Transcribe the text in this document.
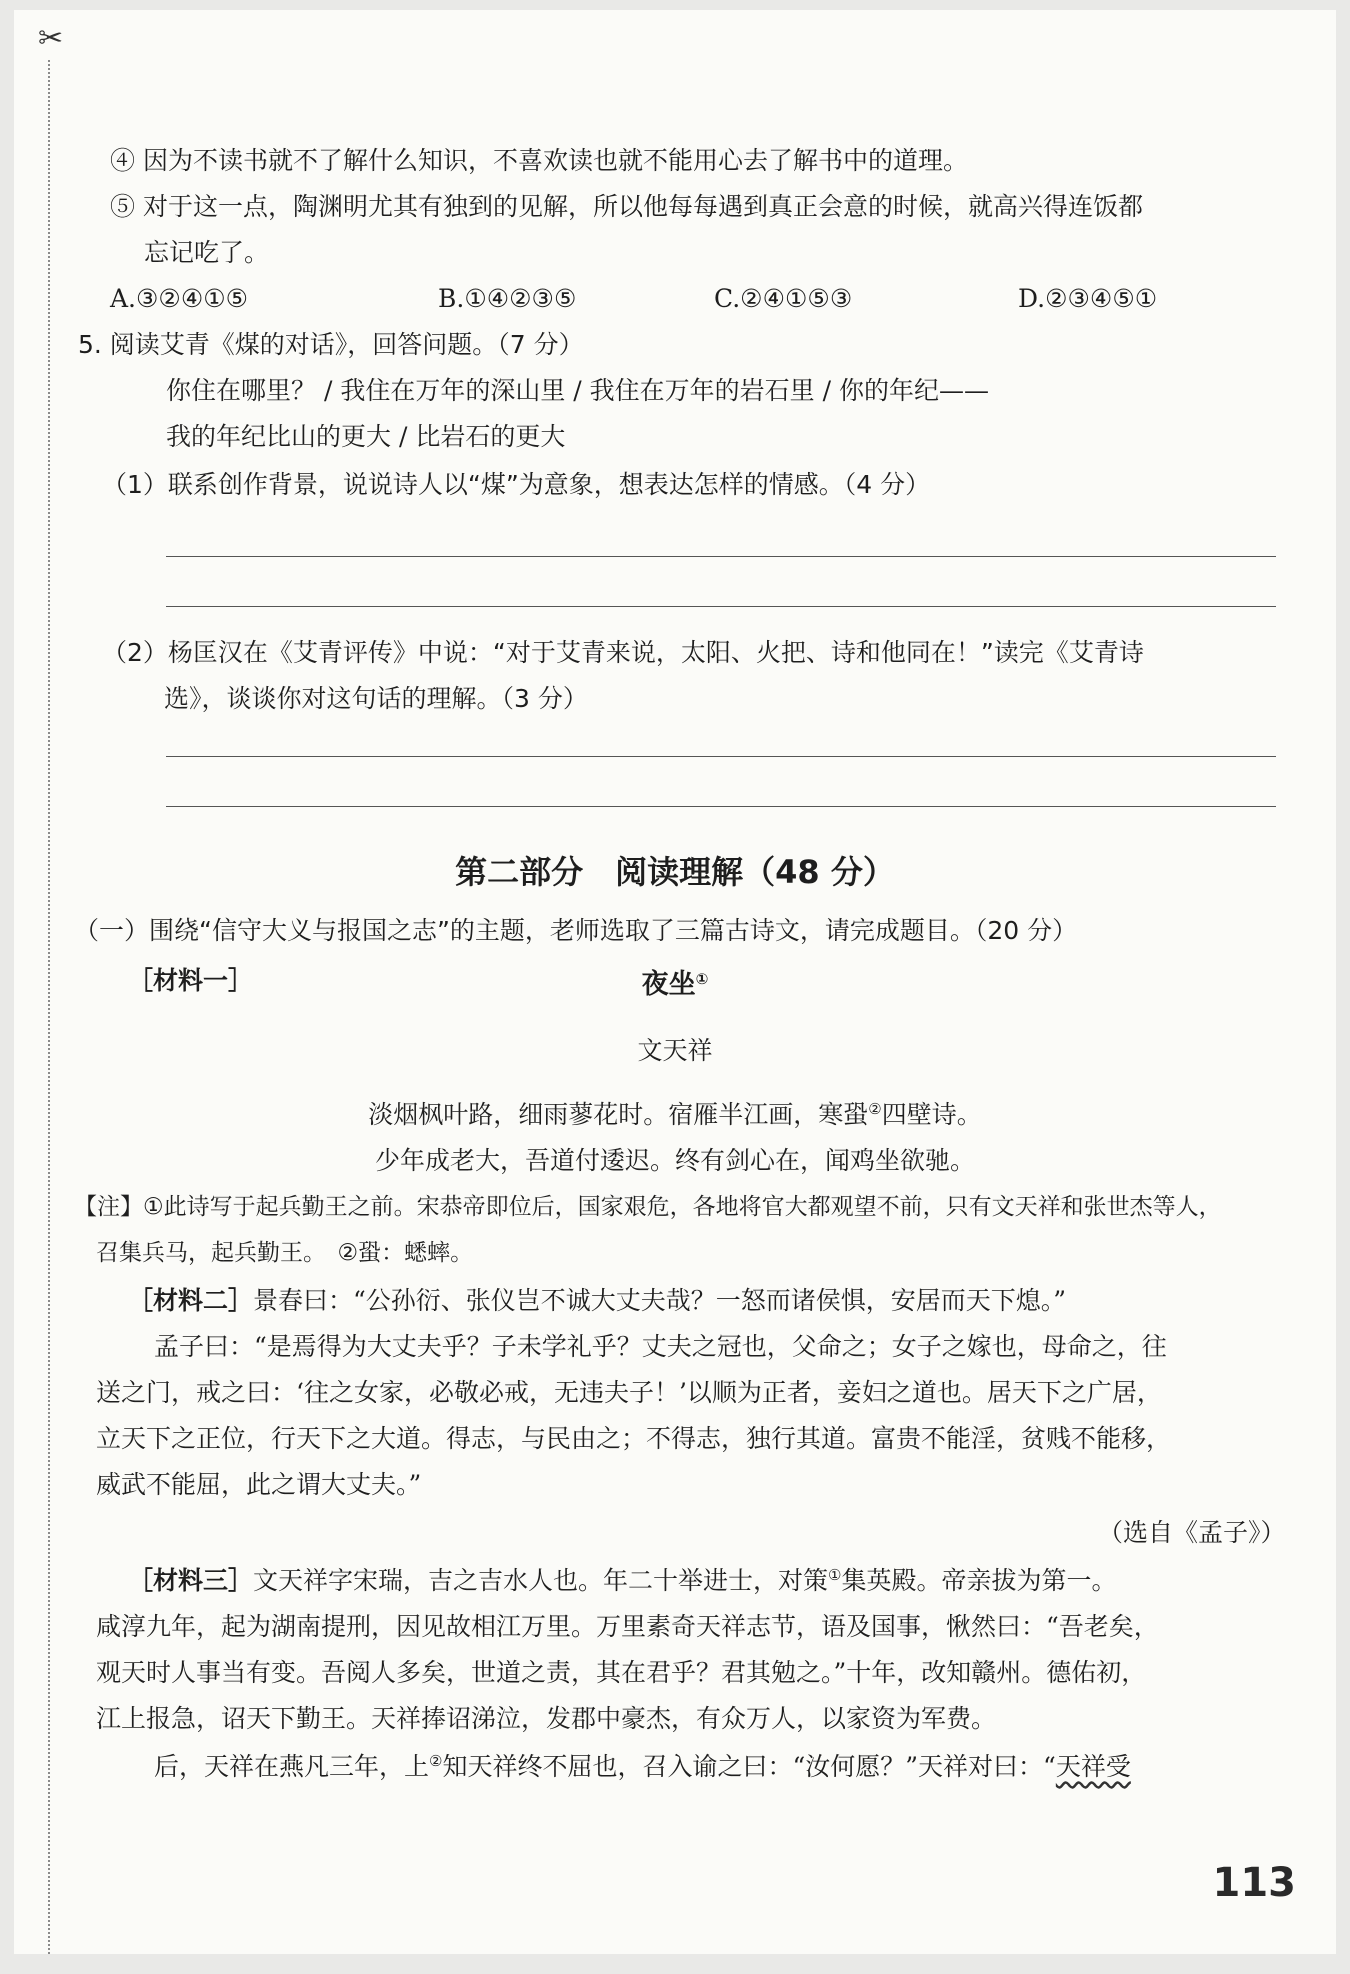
✂
④ 因为不读书就不了解什么知识，不喜欢读也就不能用心去了解书中的道理。
⑤ 对于这一点，陶渊明尤其有独到的见解，所以他每每遇到真正会意的时候，就高兴得连饭都
忘记吃了。
A.③②④①⑤	B.①④②③⑤	C.②④①⑤③	D.②③④⑤①
5. 阅读艾青《煤的对话》，回答问题。（7 分）
你住在哪里？ / 我住在万年的深山里 / 我住在万年的岩石里 / 你的年纪——
我的年纪比山的更大 / 比岩石的更大
（1）联系创作背景，说说诗人以“煤”为意象，想表达怎样的情感。（4 分）
（2）杨匡汉在《艾青评传》中说：“对于艾青来说，太阳、火把、诗和他同在！”读完《艾青诗
选》，谈谈你对这句话的理解。（3 分）
第二部分　阅读理解（48 分）
（一）围绕“信守大义与报国之志”的主题，老师选取了三篇古诗文，请完成题目。（20 分）
［材料一］	夜坐①
文天祥
淡烟枫叶路，细雨蓼花时。宿雁半江画，寒蛩②四壁诗。
少年成老大，吾道付逶迟。终有剑心在，闻鸡坐欲驰。
【注】①此诗写于起兵勤王之前。宋恭帝即位后，国家艰危，各地将官大都观望不前，只有文天祥和张世杰等人，
召集兵马，起兵勤王。　②蛩：蟋蟀。
［材料二］景春曰：“公孙衍、张仪岂不诚大丈夫哉？一怒而诸侯惧，安居而天下熄。”
孟子曰：“是焉得为大丈夫乎？子未学礼乎？丈夫之冠也，父命之；女子之嫁也，母命之，往
送之门，戒之曰：‘往之女家，必敬必戒，无违夫子！’以顺为正者，妾妇之道也。居天下之广居，
立天下之正位，行天下之大道。得志，与民由之；不得志，独行其道。富贵不能淫，贫贱不能移，
威武不能屈，此之谓大丈夫。”
（选自《孟子》）
［材料三］文天祥字宋瑞，吉之吉水人也。年二十举进士，对策①集英殿。帝亲拔为第一。
咸淳九年，起为湖南提刑，因见故相江万里。万里素奇天祥志节，语及国事，愀然曰：“吾老矣，
观天时人事当有变。吾阅人多矣，世道之责，其在君乎？君其勉之。”十年，改知赣州。德佑初，
江上报急，诏天下勤王。天祥捧诏涕泣，发郡中豪杰，有众万人，以家资为军费。
后，天祥在燕凡三年，上②知天祥终不屈也，召入谕之曰：“汝何愿？”天祥对曰：“天祥受
113
